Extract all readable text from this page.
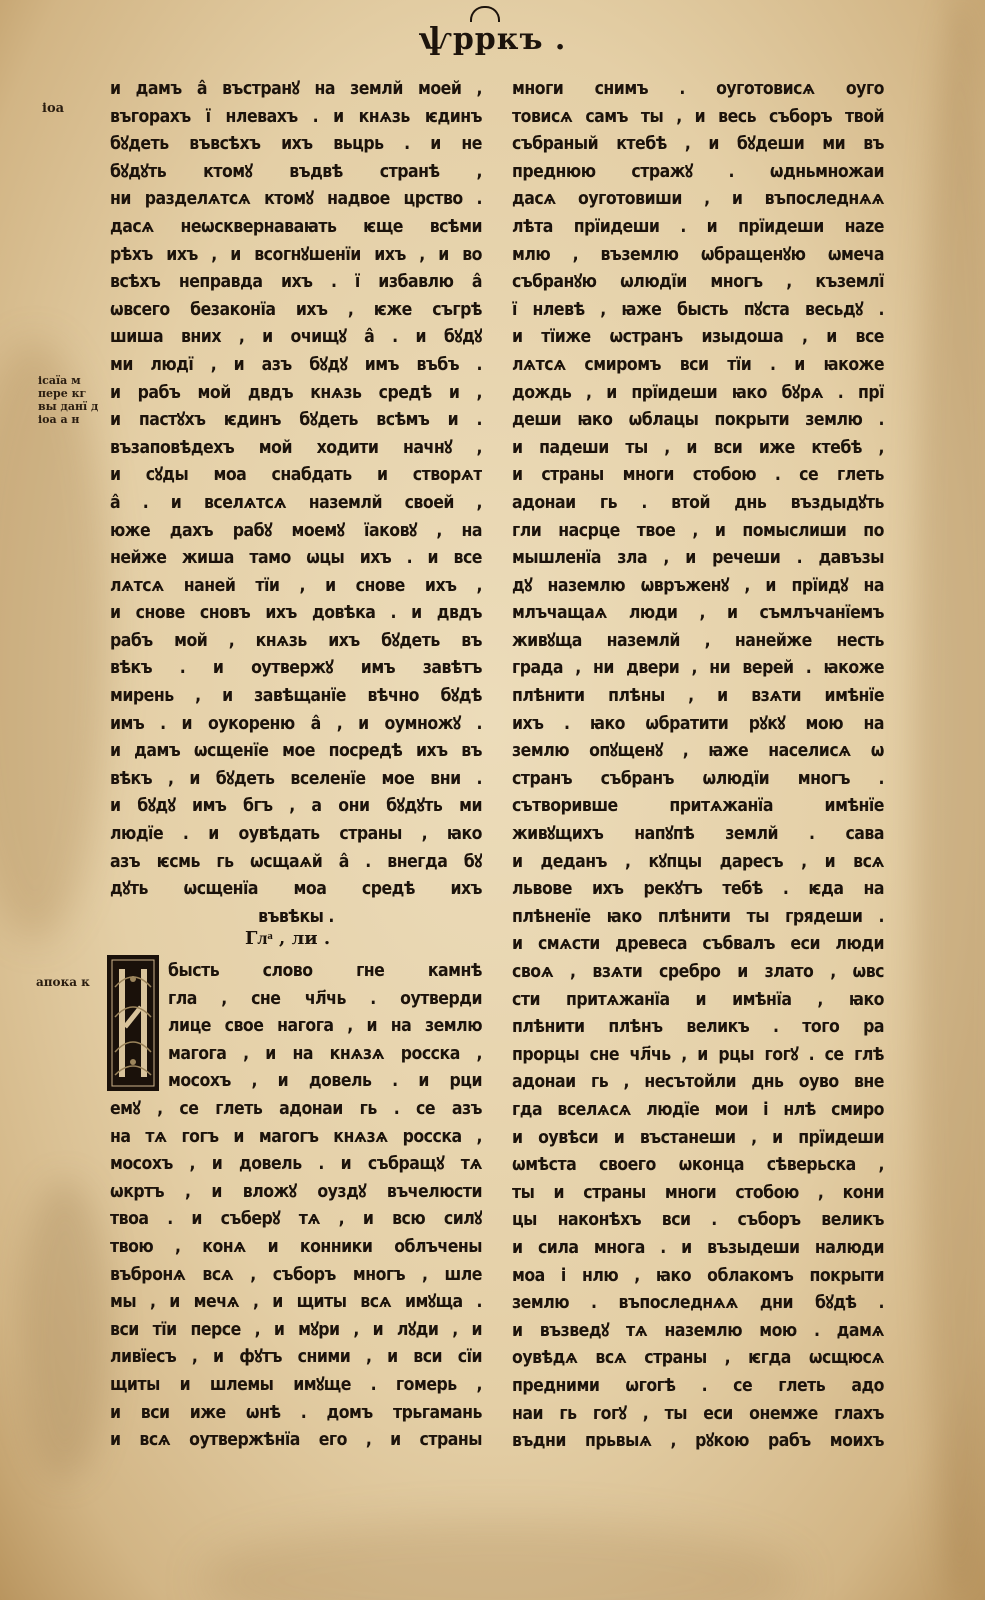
ѱрркъ .
іоа
ісаїа м пере кг вы данї д іоа а н
апока к
и дамъ а̂ въстранꙋ на землй моей ,
въгорахъ ї нлевахъ . и кнѧзь ѥдинъ
бꙋдеть въвсѣхъ ихъ вьцрь . и не
бꙋдꙋть ктомꙋ въдвѣ странѣ ,
ни разделѧтсѧ ктомꙋ надвое црство .
дасѧ неѡсквернаваꙗть ѥще всѣми
рѣхъ ихъ , и всогнꙋшенїи ихъ , и во
всѣхъ неправда ихъ . ї избавлю а̂
ѡвсего безаконїа ихъ , ѥже съгрѣ
шиша вних , и очищꙋ а̂ . и бꙋдꙋ
ми людї , и азъ бꙋдꙋ имъ въбъ .
и рабъ мой двдъ кнѧзь средѣ и ,
и пастꙋхъ ѥдинъ бꙋдеть всѣмъ и .
възаповѣдехъ мой ходити начнꙋ ,
и сꙋды моа снабдать и створѧт
а̂ . и вселѧтсѧ наземлй своей ,
юже дахъ рабꙋ моемꙋ їаковꙋ , на
нейже жиша тамо ѡцы ихъ . и все
лѧтсѧ наней тїи , и снове ихъ ,
и снове сновъ ихъ довѣка . и двдъ
рабъ мой , кнѧзь ихъ бꙋдеть въ
вѣкъ . и оутвержꙋ имъ завѣтъ
мирень , и завѣщанїе вѣчно бꙋдѣ
имъ . и оукореню а̂ , и оумножꙋ .
и дамъ ѡсщенїе мое посредѣ ихъ въ
вѣкъ , и бꙋдеть вселенїе мое вни .
и бꙋдꙋ имъ бгъ , а они бꙋдꙋть ми
людїе . и оувѣдать страны , ꙗко
азъ ѥсмь гь ѡсщаѧй а̂ . внегда бꙋ
дꙋть ѡсщенїа моа средѣ ихъ
въвѣкы .
Глͣ , ли .
бысть слово гне камнѣ
гла , сне чл҃чь . оутверди
лице свое нагога , и на землю
магога , и на кнѧзѧ росска ,
мосохъ , и довель . и рци
емꙋ , се глеть адонаи гь . се азъ
на тѧ гогъ и магогъ кнѧзѧ росска ,
мосохъ , и довель . и събращꙋ тѧ
ѡкртъ , и вложꙋ оуздꙋ въчелюсти
твоа . и съберꙋ тѧ , и всю силꙋ
твою , конѧ и конники облъчены
въбронѧ всѧ , съборъ многъ , шле
мы , и мечѧ , и щиты всѧ имꙋща .
вси тїи персе , и мꙋри , и лꙋди , и
ливїесъ , и фꙋтъ сними , и вси сїи
щиты и шлемы имꙋще . гомерь ,
и вси иже ѡнѣ . домъ трьгамань
и всѧ оутвержѣнїа его , и страны
многи снимъ . оуготовисѧ оуго
товисѧ самъ ты , и весь съборъ твой
събраный ктебѣ , и бꙋдеши ми въ
преднюю стражꙋ . ѡдньмножаи
дасѧ оуготовиши , и въпоследнѧѧ
лѣта прїидеши . и прїидеши наzе
млю , въземлю ѡбращенꙋю ѡмеча
събранꙋю ѡлюдїи многъ , къземлї
ї нлевѣ , ꙗже бысть пꙋста весьдꙋ .
и тїиже ѡстранъ изыдоша , и все
лѧтсѧ смиромъ вси тїи . и ꙗкоже
дождь , и прїидеши ꙗко бꙋрѧ . прї
деши ꙗко ѡблацы покрыти землю .
и падеши ты , и вси иже ктебѣ ,
и страны многи стобою . се глеть
адонаи гь . втой днь въздыдꙋть
гли насрце твое , и помыслиши по
мышленїа зла , и речеши . давъзы
дꙋ наземлю ѡвръженꙋ , и прїидꙋ на
млъчащаѧ люди , и съмлъчанїемъ
живꙋща наземлй , нанейже несть
града , ни двери , ни верей . ꙗкоже
плѣнити плѣны , и взѧти имѣнїе
ихъ . ꙗко ѡбратити рꙋкꙋ мою на
землю опꙋщенꙋ , ꙗже населисѧ ѡ
странъ събранъ ѡлюдїи многъ .
сътворивше притѧжанїа имѣнїе
живꙋщихъ напꙋпѣ землй . сава
и деданъ , кꙋпцы даресъ , и всѧ
львове ихъ рекꙋтъ тебѣ . ѥда на
плѣненїе ꙗко плѣнити ты грядеши .
и смѧсти древеса събвалъ еси люди
своѧ , взѧти сребро и злато , ѡвс
сти притѧжанїа и имѣнїа , ꙗко
плѣнити плѣнъ великъ . того ра
прорцы сне чл҃чь , и рцы гогꙋ . се глѣ
адонаи гь , несътойли днь оуво вне
гда вселѧсѧ людїе мои і нлѣ смиро
и оувѣси и въстанеши , и прїидеши
ѡмѣста своего ѡконца сѣверьска ,
ты и страны многи стобою , кони
цы наконѣхъ вси . съборъ великъ
и сила многа . и възыдеши налюди
моа і нлю , ꙗко облакомъ покрыти
землю . въпоследнѧѧ дни бꙋдѣ .
и възведꙋ тѧ наземлю мою . дамѧ
оувѣдѧ всѧ страны , ѥгда ѡсщюсѧ
предними ѡгогѣ . се глеть адо
наи гь гогꙋ , ты еси онемже глахъ
въдни прьвыѧ , рꙋкою рабъ моихъ
